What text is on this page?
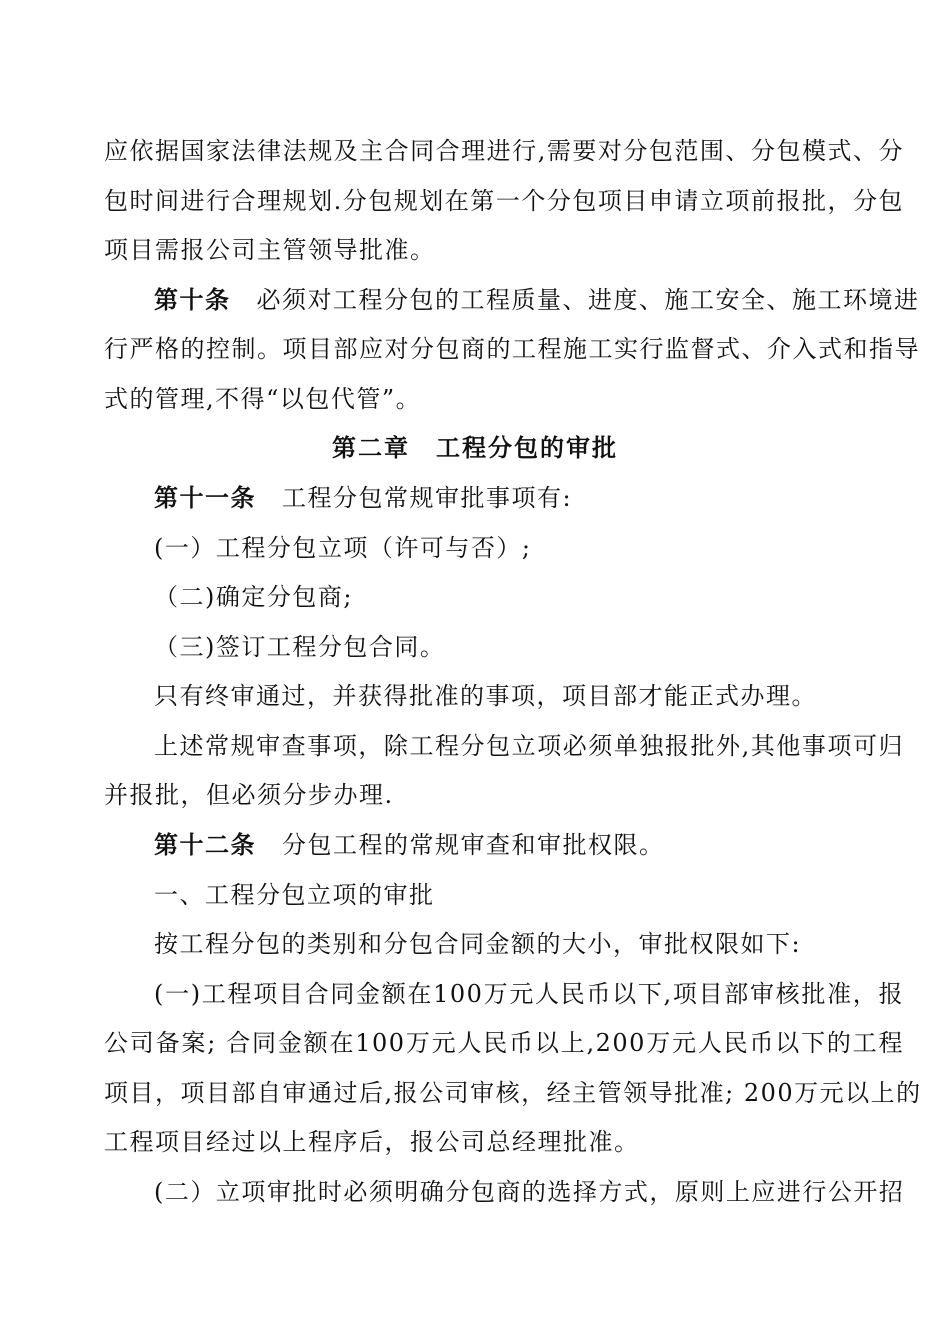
应依据国家法律法规及主合同合理进行,需要对分包范围、分包模式、分
包时间进行合理规划.分包规划在第一个分包项目申请立项前报批，分包
项目需报公司主管领导批准。
第十条 必须对工程分包的工程质量、进度、施工安全、施工环境进
行严格的控制。项目部应对分包商的工程施工实行监督式、介入式和指导
式的管理,不得“以包代管”。
第二章　工程分包的审批
第十一条 工程分包常规审批事项有:
(一）工程分包立项（许可与否）;
（二)确定分包商;
（三)签订工程分包合同。
只有终审通过，并获得批准的事项，项目部才能正式办理。
上述常规审查事项，除工程分包立项必须单独报批外,其他事项可归
并报批，但必须分步办理.
第十二条 分包工程的常规审查和审批权限。
一、工程分包立项的审批
按工程分包的类别和分包合同金额的大小，审批权限如下:
(一)工程项目合同金额在100万元人民币以下,项目部审核批准，报
公司备案; 合同金额在100万元人民币以上,200万元人民币以下的工程
项目，项目部自审通过后,报公司审核，经主管领导批准; 200万元以上的
工程项目经过以上程序后，报公司总经理批准。
(二）立项审批时必须明确分包商的选择方式，原则上应进行公开招
